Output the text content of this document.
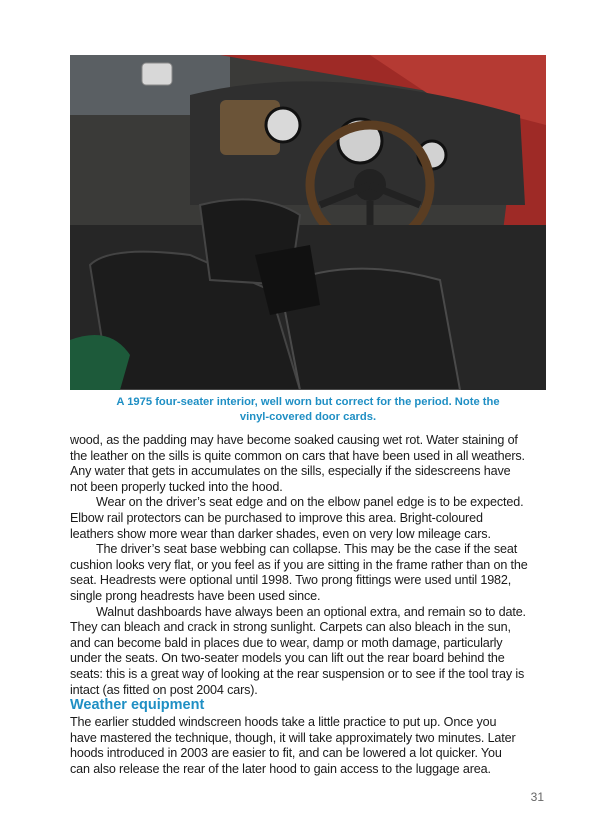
A 1975 four-seater interior, well worn but correct for the period. Note the
vinyl-covered door cards.
wood, as the padding may have become soaked causing wet rot. Water staining of
the leather on the sills is quite common on cars that have been used in all weathers.
Any water that gets in accumulates on the sills, especially if the sidescreens have
not been properly tucked into the hood.
Wear on the driver’s seat edge and on the elbow panel edge is to be expected.
Elbow rail protectors can be purchased to improve this area. Bright-coloured
leathers show more wear than darker shades, even on very low mileage cars.
The driver’s seat base webbing can collapse. This may be the case if the seat
cushion looks very flat, or you feel as if you are sitting in the frame rather than on the
seat. Headrests were optional until 1998. Two prong fittings were used until 1982,
single prong headrests have been used since.
Walnut dashboards have always been an optional extra, and remain so to date.
They can bleach and crack in strong sunlight. Carpets can also bleach in the sun,
and can become bald in places due to wear, damp or moth damage, particularly
under the seats. On two-seater models you can lift out the rear board behind the
seats: this is a great way of looking at the rear suspension or to see if the tool tray is
intact (as fitted on post 2004 cars).
Weather equipment
The earlier studded windscreen hoods take a little practice to put up. Once you
have mastered the technique, though, it will take approximately two minutes. Later
hoods introduced in 2003 are easier to fit, and can be lowered a lot quicker. You
can also release the rear of the later hood to gain access to the luggage area.
31
